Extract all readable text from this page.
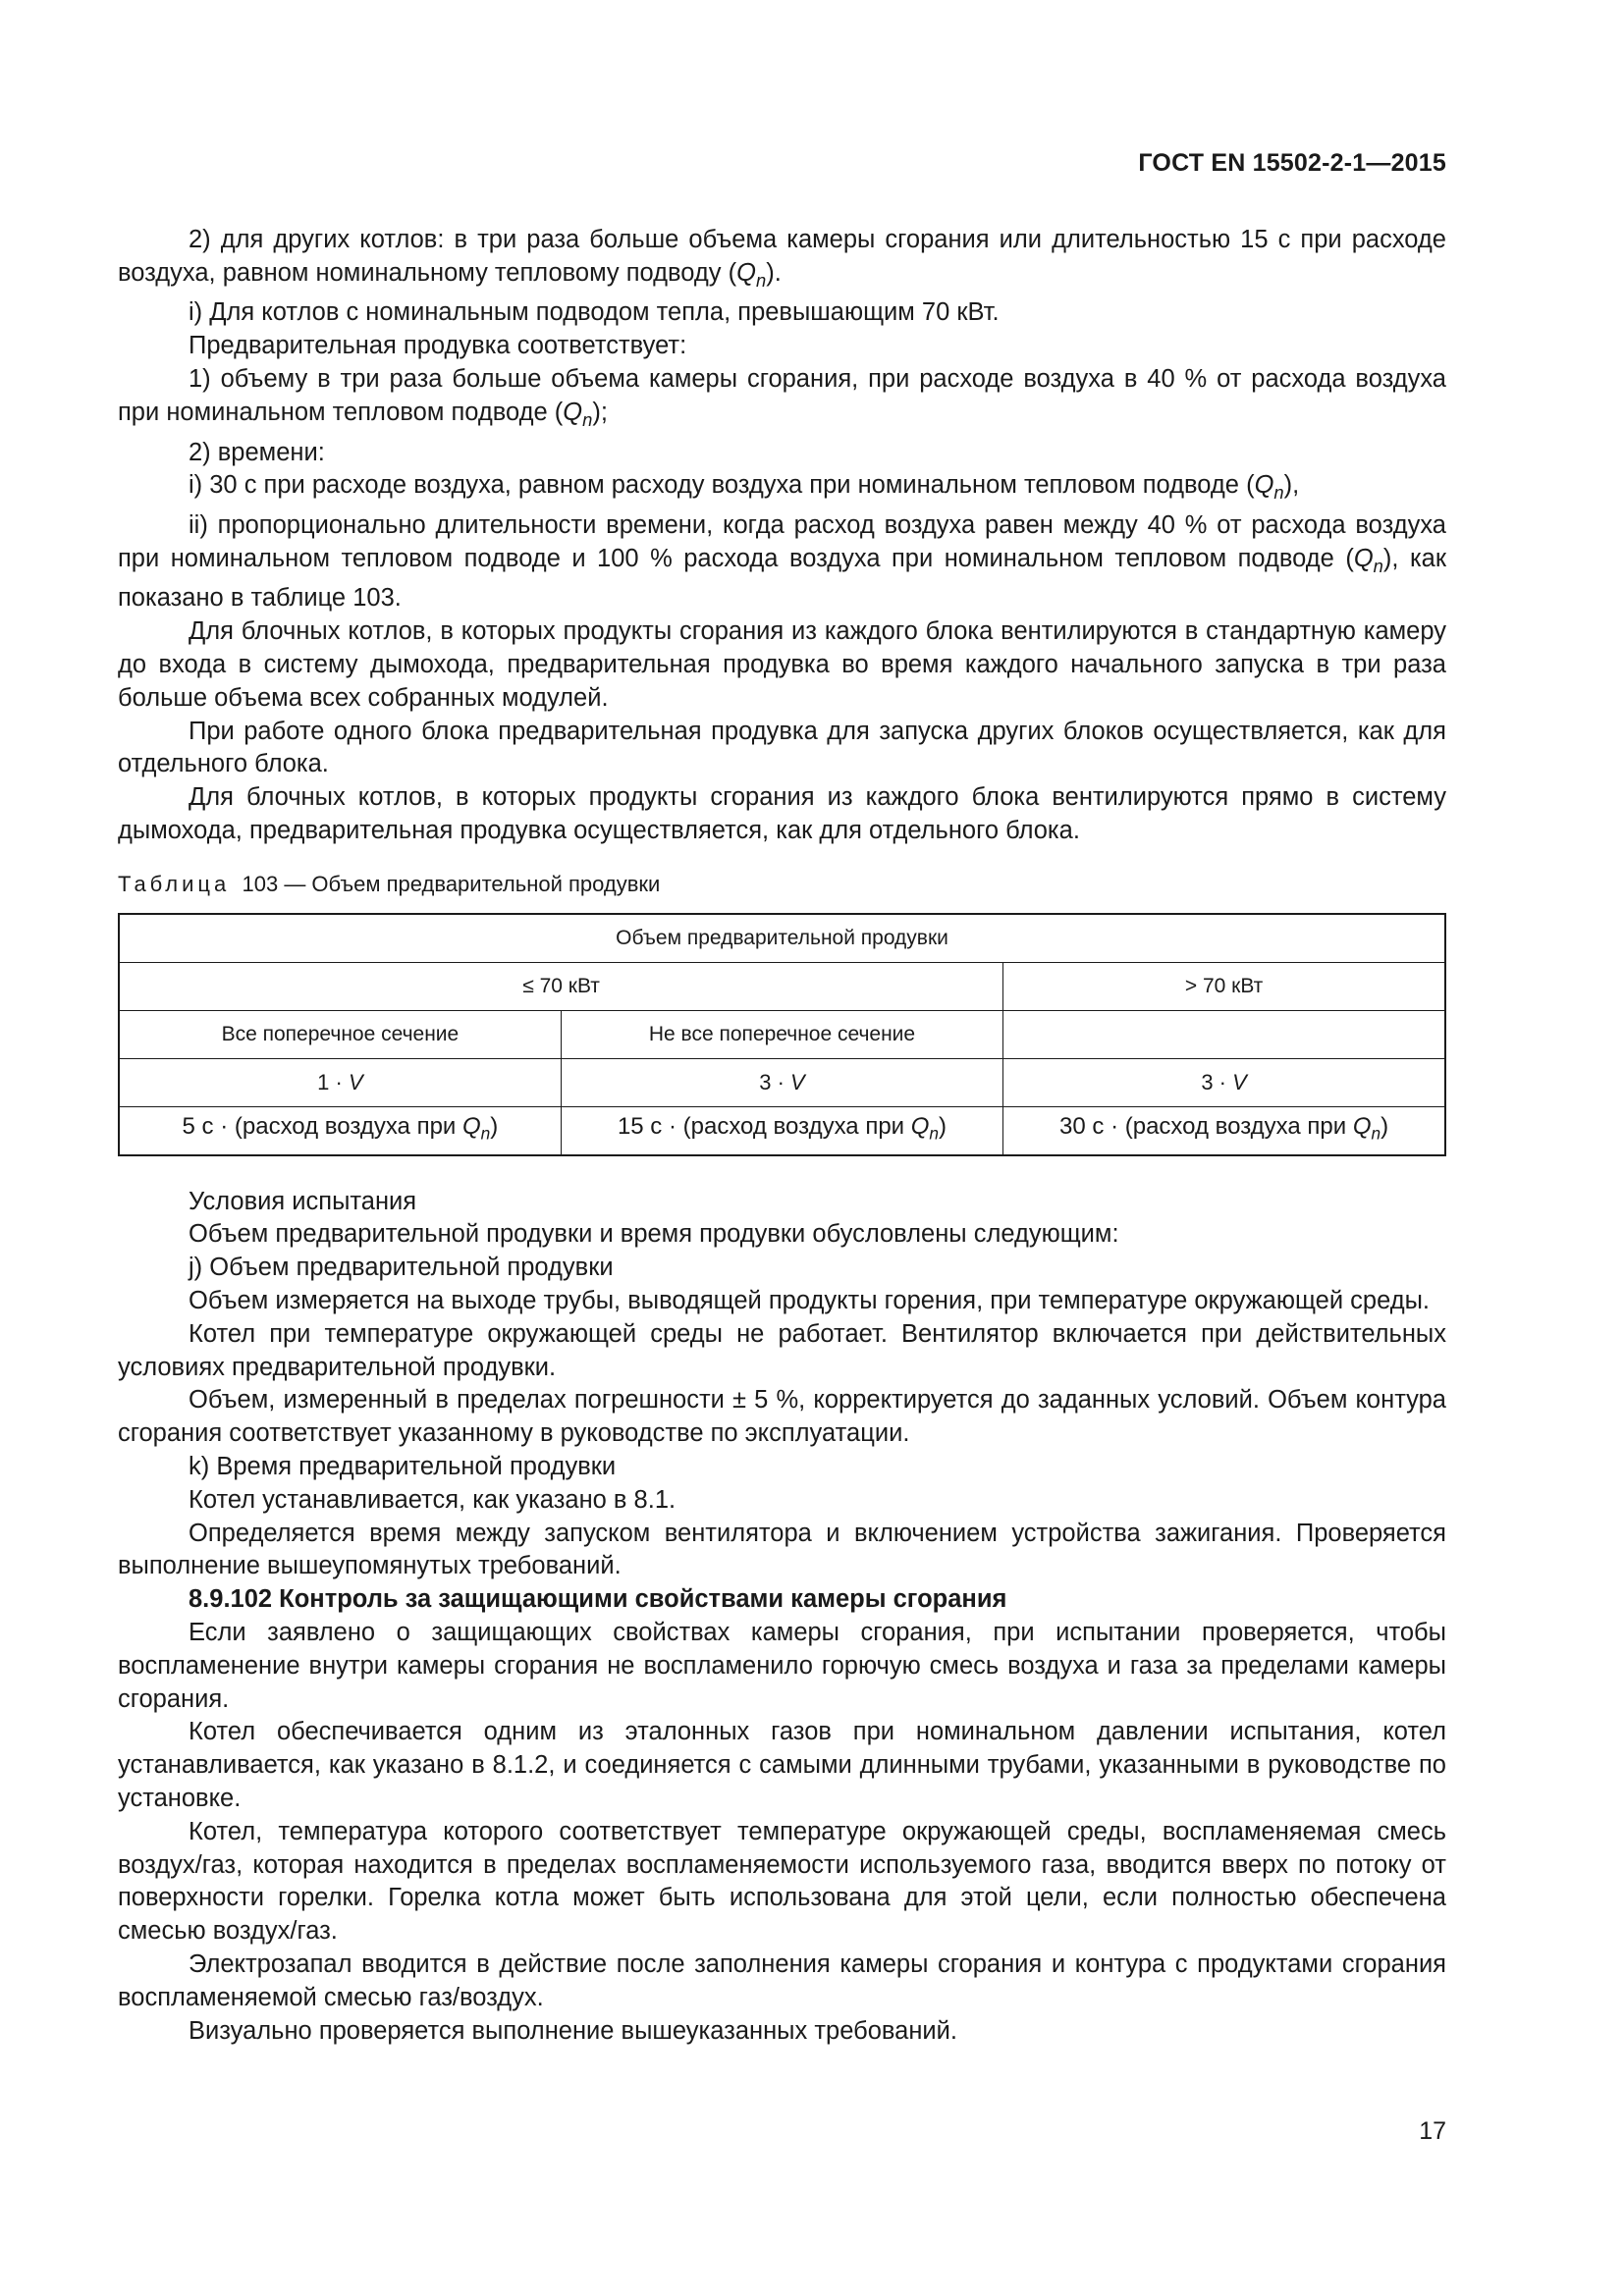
ГОСТ EN 15502-2-1—2015

2) для других котлов: в три раза больше объема камеры сгорания или длительностью 15 с при расходе воздуха, равном номинальному тепловому подводу $(Q_n)$.

i) Для котлов с номинальным подводом тепла, превышающим 70 кВт.

Предварительная продувка соответствует:

1) объему в три раза больше объема камеры сгорания, при расходе воздуха в 40 % от расхода воздуха при номинальном тепловом подводе $(Q_n)$;

2) времени:

i) 30 с при расходе воздуха, равном расходу воздуха при номинальном тепловом подводе $(Q_n)$,

ii) пропорционально длительности времени, когда расход воздуха равен между 40 % от расхода воздуха при номинальном тепловом подводе и 100 % расхода воздуха при номинальном тепловом подводе $(Q_n)$, как показано в таблице 103.

Для блочных котлов, в которых продукты сгорания из каждого блока вентилируются в стандартную камеру до входа в систему дымохода, предварительная продувка во время каждого начального запуска в три раза больше объема всех собранных модулей.

При работе одного блока предварительная продувка для запуска других блоков осуществляется, как для отдельного блока.

Для блочных котлов, в которых продукты сгорания из каждого блока вентилируются прямо в систему дымохода, предварительная продувка осуществляется, как для отдельного блока.

Таблица 103 — Объем предварительной продувки
Объем предварительной продувки		
≤ 70 кВт		> 70 кВт
Все поперечное сечение	Не все поперечное сечение	
1 · V	3 · V	3 · V
5 с · (расход воздуха при $Q_n$)	15 с · (расход воздуха при $Q_n$)	30 с · (расход воздуха при $Q_n$)

Условия испытания

Объем предварительной продувки и время продувки обусловлены следующим:

j) Объем предварительной продувки

Объем измеряется на выходе трубы, выводящей продукты горения, при температуре окружающей среды.

Котел при температуре окружающей среды не работает. Вентилятор включается при действительных условиях предварительной продувки.

Объем, измеренный в пределах погрешности ± 5 %, корректируется до заданных условий. Объем контура сгорания соответствует указанному в руководстве по эксплуатации.

k) Время предварительной продувки

Котел устанавливается, как указано в 8.1.

Определяется время между запуском вентилятора и включением устройства зажигания. Проверяется выполнение вышеупомянутых требований.

8.9.102 Контроль за защищающими свойствами камеры сгорания

Если заявлено о защищающих свойствах камеры сгорания, при испытании проверяется, чтобы воспламенение внутри камеры сгорания не воспламенило горючую смесь воздуха и газа за пределами камеры сгорания.

Котел обеспечивается одним из эталонных газов при номинальном давлении испытания, котел устанавливается, как указано в 8.1.2, и соединяется с самыми длинными трубами, указанными в руководстве по установке.

Котел, температура которого соответствует температуре окружающей среды, воспламеняемая смесь воздух/газ, которая находится в пределах воспламеняемости используемого газа, вводится вверх по потоку от поверхности горелки. Горелка котла может быть использована для этой цели, если полностью обеспечена смесью воздух/газ.

Электрозапал вводится в действие после заполнения камеры сгорания и контура с продуктами сгорания воспламеняемой смесью газ/воздух.

Визуально проверяется выполнение вышеуказанных требований.

17
